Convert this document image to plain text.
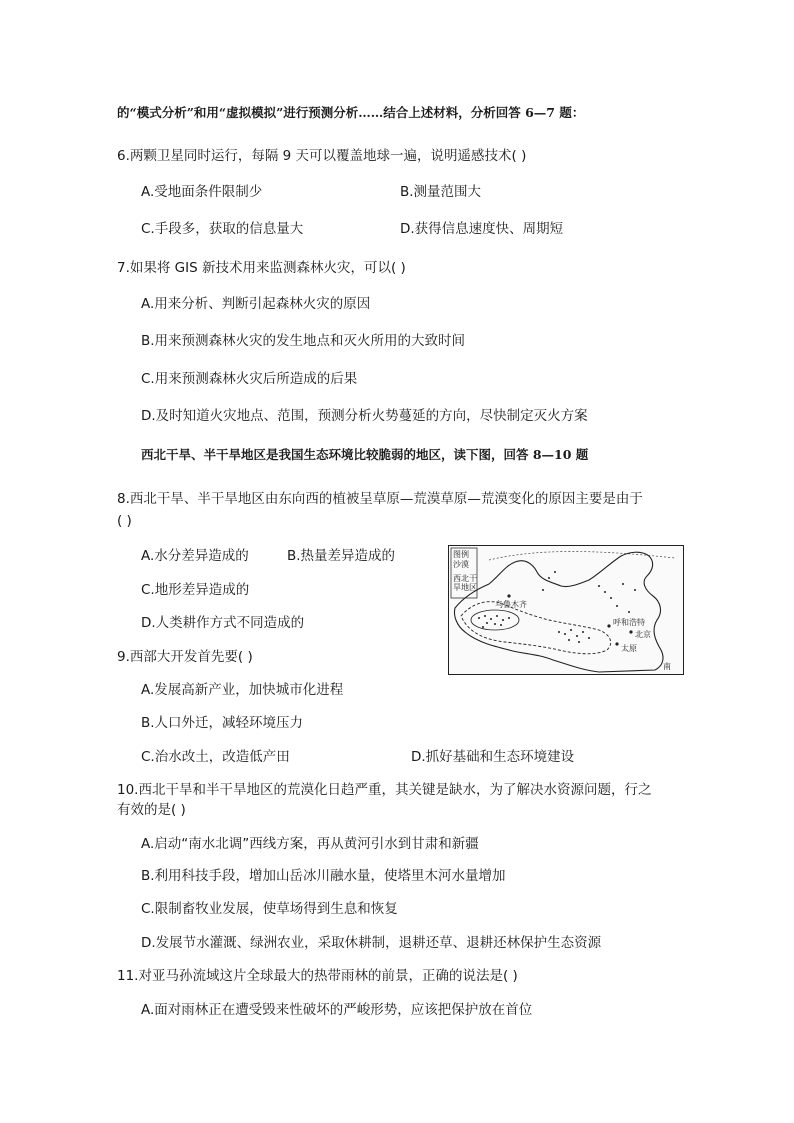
的“模式分析”和用“虚拟模拟”进行预测分析……结合上述材料，分析回答 6—7 题：
6.两颗卫星同时运行，每隔 9 天可以覆盖地球一遍，说明遥感技术( )
A.受地面条件限制少	B.测量范围大
C.手段多，获取的信息量大	D.获得信息速度快、周期短
7.如果将 GIS 新技术用来监测森林火灾，可以( )
A.用来分析、判断引起森林火灾的原因
B.用来预测森林火灾的发生地点和灭火所用的大致时间
C.用来预测森林火灾后所造成的后果
D.及时知道火灾地点、范围，预测分析火势蔓延的方向，尽快制定灭火方案
西北干旱、半干旱地区是我国生态环境比较脆弱的地区，读下图，回答 8—10 题
8.西北干旱、半干旱地区由东向西的植被呈草原—荒漠草原—荒漠变化的原因主要是由于
( )
A.水分差异造成的	B.热量差异造成的
C.地形差异造成的
D.人类耕作方式不同造成的
图例
沙漠
西北干
旱地区
乌鲁木齐
呼和浩特
北京
太原
南
9.西部大开发首先要( )
A.发展高新产业，加快城市化进程
B.人口外迁，减轻环境压力
C.治水改土，改造低产田	D.抓好基础和生态环境建设
10.西北干旱和半干旱地区的荒漠化日趋严重，其关键是缺水，为了解决水资源问题，行之
有效的是( )
A.启动“南水北调”西线方案，再从黄河引水到甘肃和新疆
B.利用科技手段，增加山岳冰川融水量，使塔里木河水量增加
C.限制畜牧业发展，使草场得到生息和恢复
D.发展节水灌溉、绿洲农业，采取休耕制，退耕还草、退耕还林保护生态资源
11.对亚马孙流域这片全球最大的热带雨林的前景，正确的说法是( )
A.面对雨林正在遭受毁来性破坏的严峻形势，应该把保护放在首位
